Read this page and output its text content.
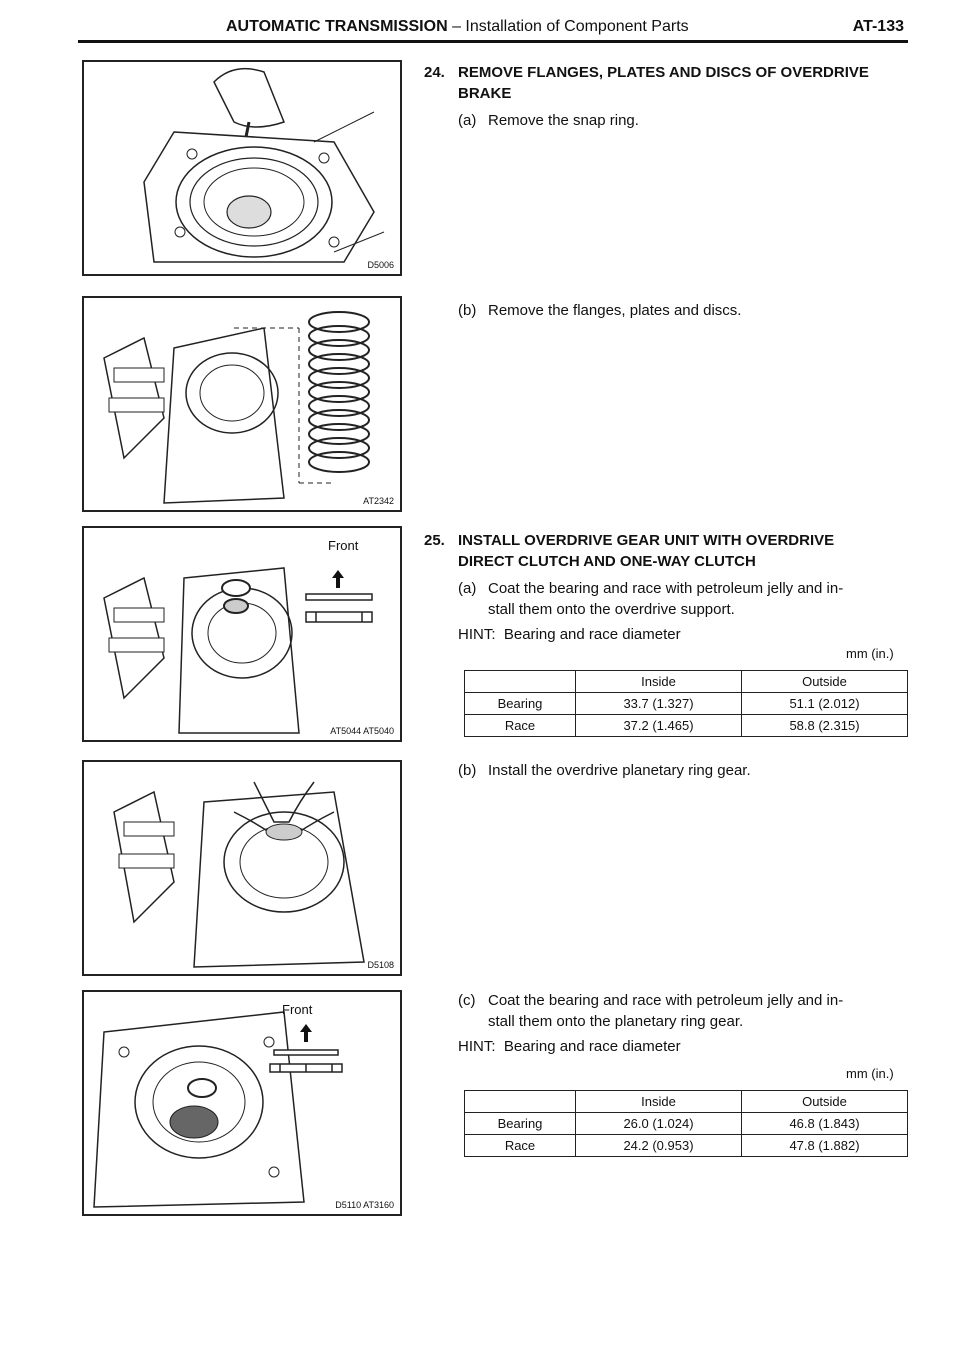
AUTOMATIC TRANSMISSION – Installation of Component Parts	AT-133
D5006
AT2342
Front
AT5044 AT5040
D5108
Front
D5110 AT3160
24. REMOVE FLANGES, PLATES AND DISCS OF OVERDRIVE
BRAKE
(a) Remove the snap ring.
(b) Remove the flanges, plates and discs.
25. INSTALL OVERDRIVE GEAR UNIT WITH OVERDRIVE
DIRECT CLUTCH AND ONE-WAY CLUTCH
(a) Coat the bearing and race with petroleum jelly and in-
stall them onto the overdrive support.
HINT: Bearing and race diameter
mm (in.)
	Inside	Outside
Bearing	33.7 (1.327)	51.1 (2.012)
Race	37.2 (1.465)	58.8 (2.315)
(b) Install the overdrive planetary ring gear.
(c) Coat the bearing and race with petroleum jelly and in-
stall them onto the planetary ring gear.
HINT: Bearing and race diameter
mm (in.)
	Inside	Outside
Bearing	26.0 (1.024)	46.8 (1.843)
Race	24.2 (0.953)	47.8 (1.882)
